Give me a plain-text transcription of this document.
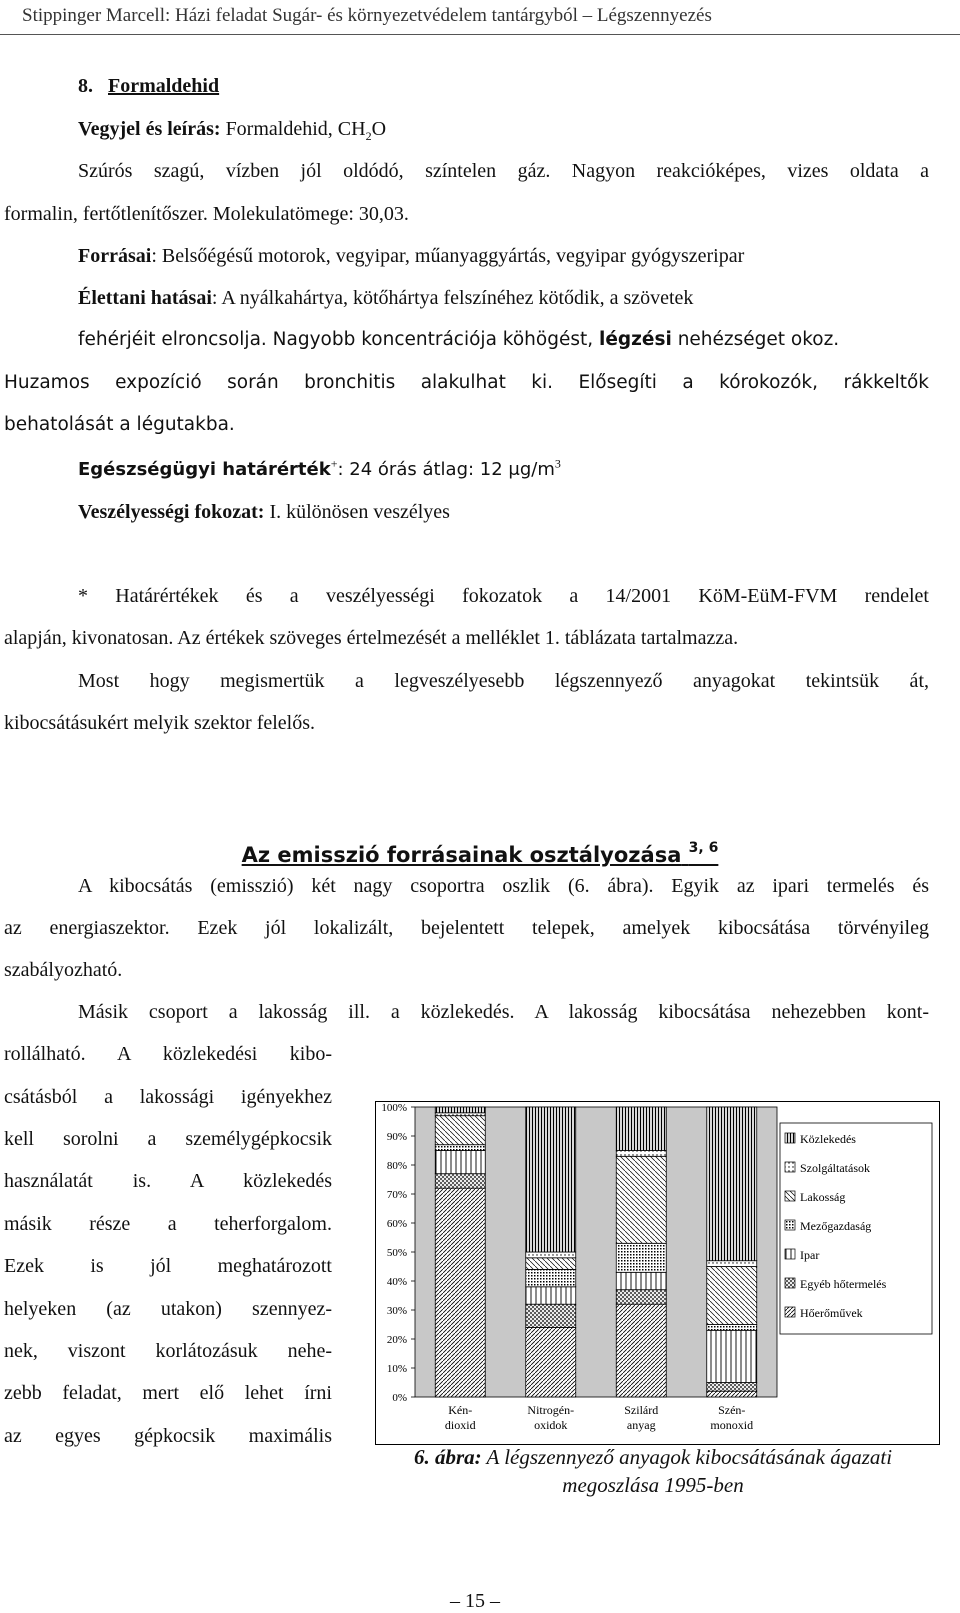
Stippinger Marcell: Házi feladat Sugár- és környezetvédelem tantárgyból – Légszennyezés
8. Formaldehid
Vegyjel és leírás: Formaldehid, $CH_2O$
Szúrós szagú, vízben jól oldódó, színtelen gáz. Nagyon reakcióképes, vizes oldata a
formalin, fertőtlenítőszer. Molekulatömege: 30,03.
Forrásai: Belsőégésű motorok, vegyipar, műanyaggyártás, vegyipar gyógyszeripar
Élettani hatásai: A nyálkahártya, kötőhártya felszínéhez kötődik, a szövetek
fehérjéit elroncsolja. Nagyobb koncentrációja köhögést, légzési nehézséget okoz.
Huzamos expozíció során bronchitis alakulhat ki. Elősegíti a kórokozók, rákkeltők
behatolását a légutakba.
Egészségügyi határérték+: 24 órás átlag: 12 $\mu g/m^3$
Veszélyességi fokozat: I. különösen veszélyes
* Határértékek és a veszélyességi fokozatok a 14/2001 KöM-EüM-FVM rendelet
alapján, kivonatosan. Az értékek szöveges értelmezését a melléklet 1. táblázata tartalmazza.
Most hogy megismertük a legveszélyesebb légszennyező anyagokat tekintsük át,
kibocsátásukért melyik szektor felelős.
Az emisszió forrásainak osztályozása $^{3, 6}$
A kibocsátás (emisszió) két nagy csoportra oszlik (6. ábra). Egyik az ipari termelés és
az energiaszektor. Ezek jól lokalizált, bejelentett telepek, amelyek kibocsátása törvényileg
szabályozható.
Másik csoport a lakosság ill. a közlekedés. A lakosság kibocsátása nehezebben kont-
rollálható. A közlekedési kibo-
csátásból a lakossági igényekhez
kell sorolni a személygépkocsik
használatát is. A közlekedés
másik része a teherforgalom.
Ezek is jól meghatározott
helyeken (az utakon) szennyez-
nek, viszont korlátozásuk nehe-
zebb feladat, mert elő lehet írni
az egyes gépkocsik maximális
0%
10%
20%
30%
40%
50%
60%
70%
80%
90%
100%
Kén-
dioxid
Nitrogén-
oxidok
Szilárd
anyag
Szén-
monoxid
Közlekedés
Szolgáltatások
Lakosság
Mezőgazdaság
Ipar
Egyéb hőtermelés
Hőerőművek
6. ábra: A légszennyező anyagok kibocsátásának ágazati
megoszlása 1995-ben
– 15 –
